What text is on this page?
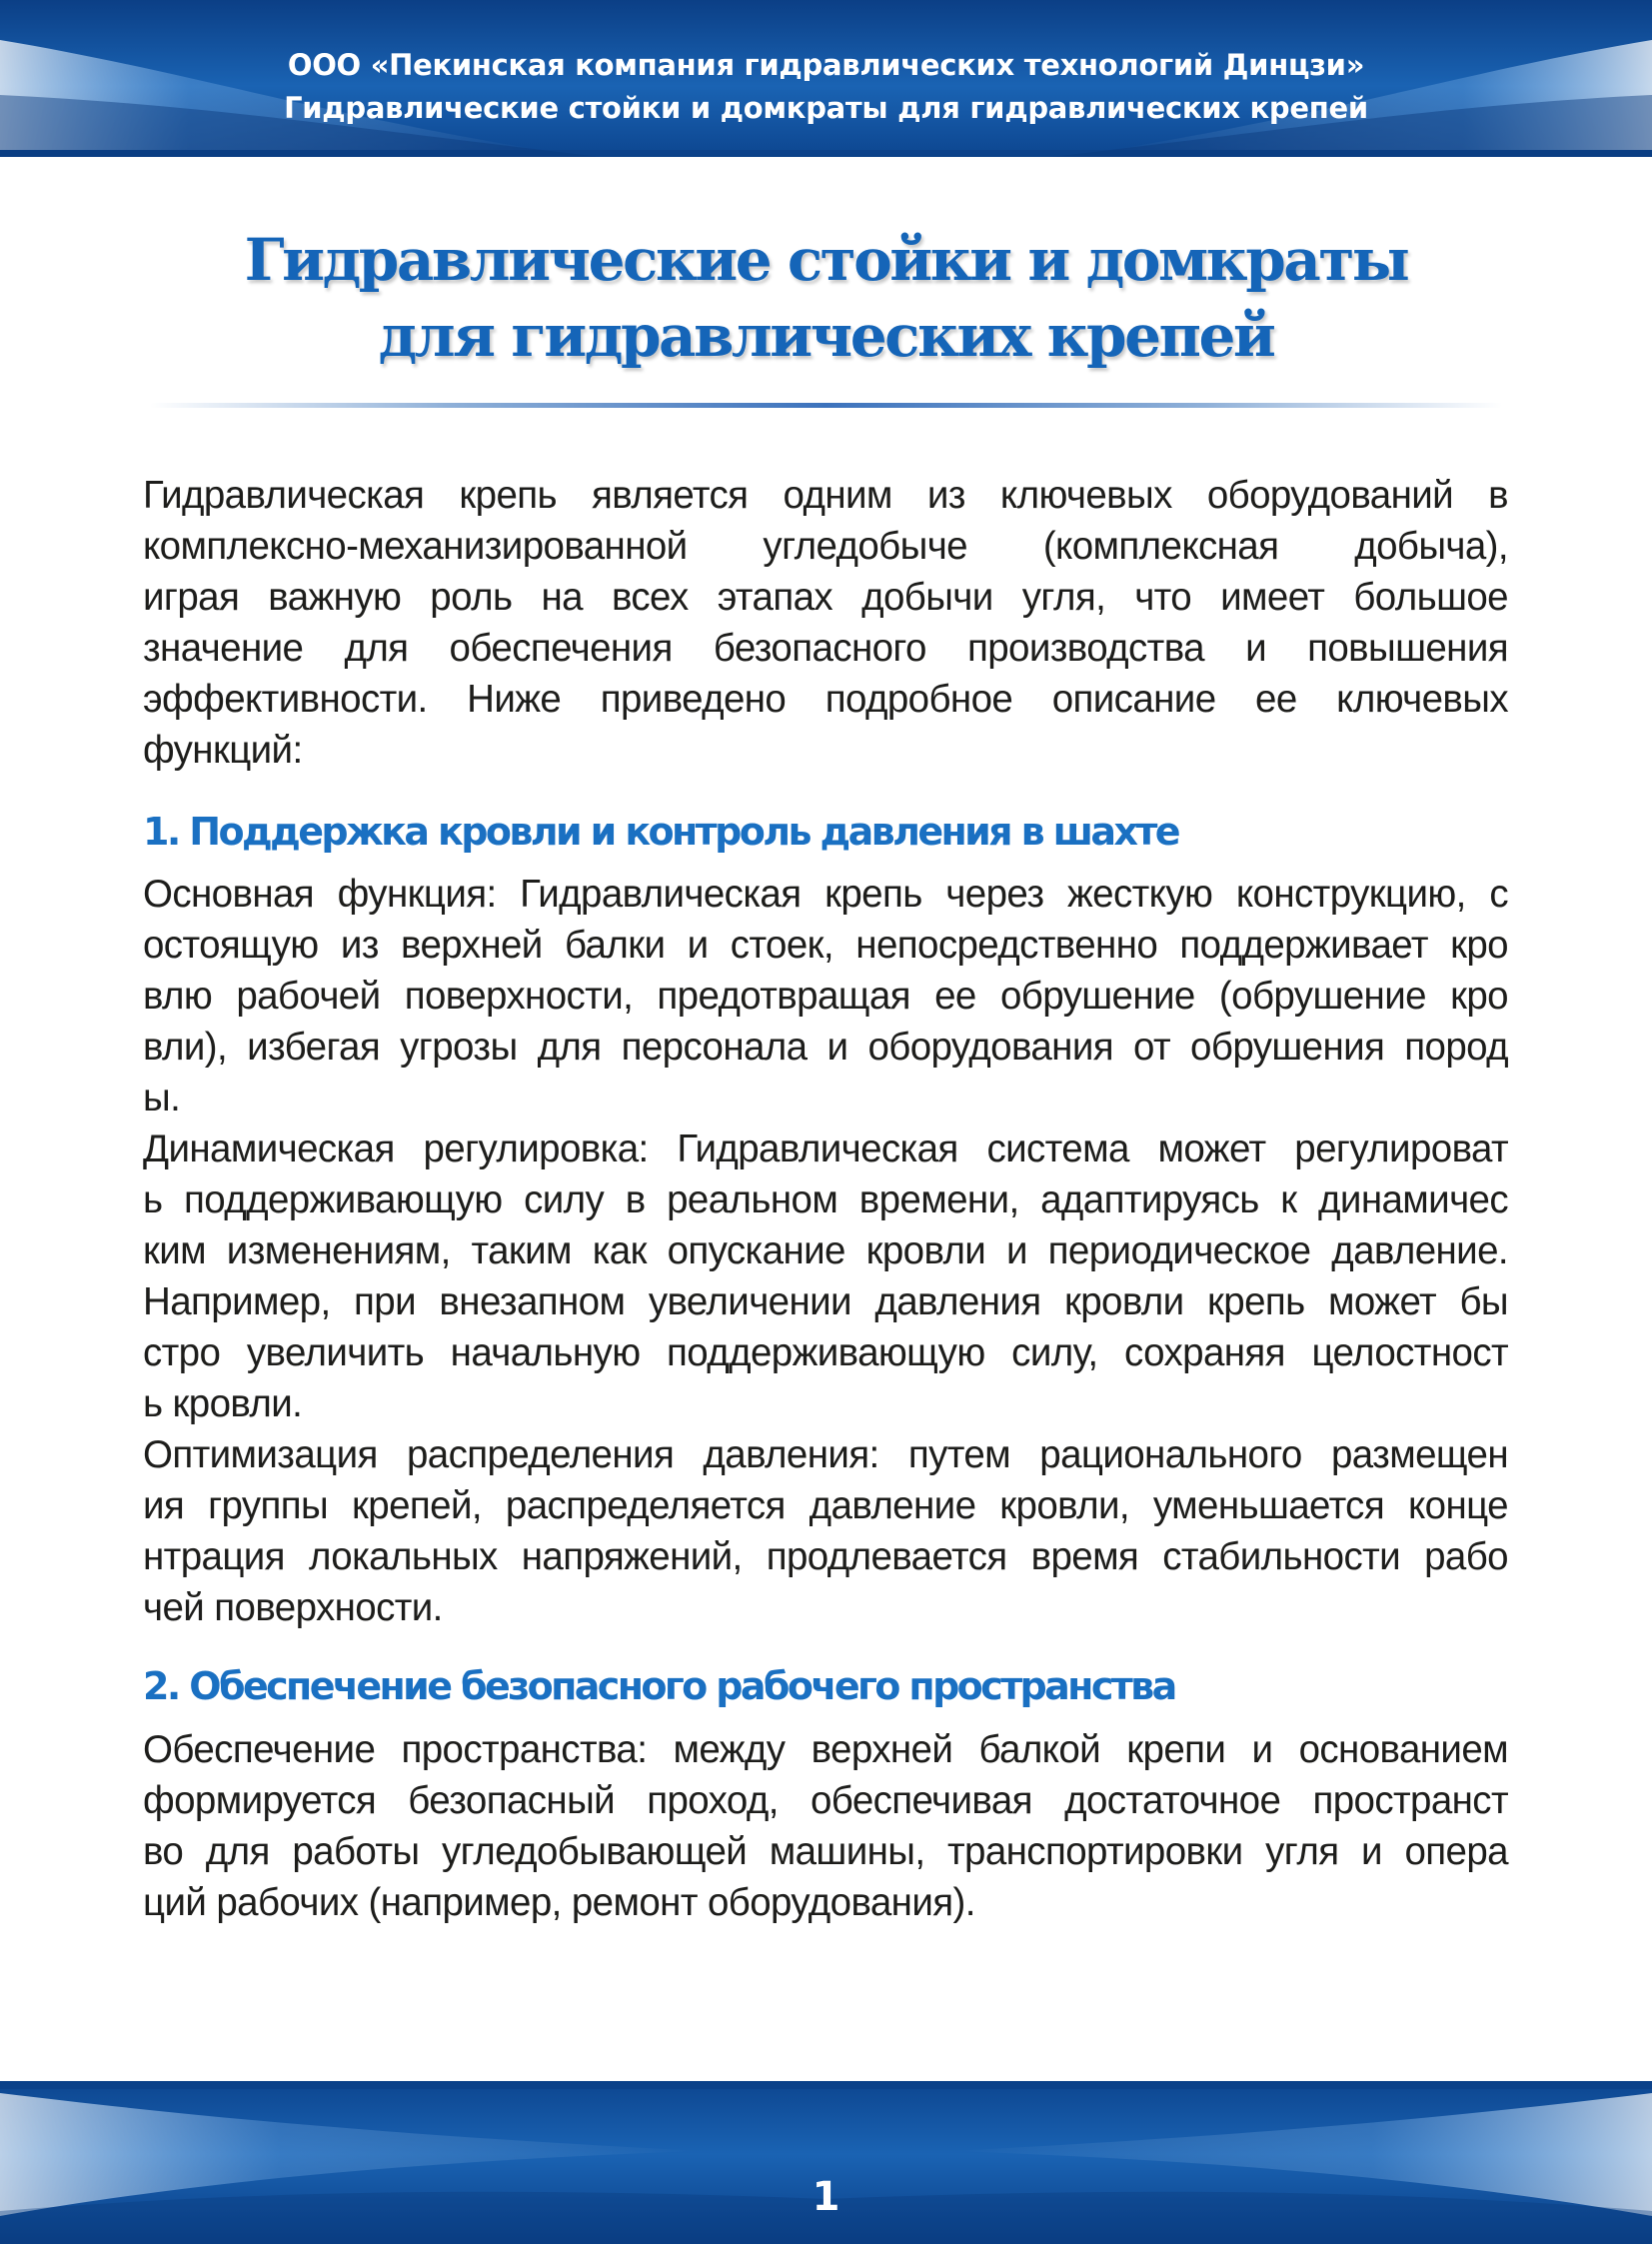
ООО «Пекинская компания гидравлических технологий Динцзи»
Гидравлические стойки и домкраты для гидравлических крепей
Гидравлические стойки и домкраты
для гидравлических крепей
Гидравлическая крепь является одним из ключевых оборудований в
комплексно-механизированной угледобыче (комплексная добыча),
играя важную роль на всех этапах добычи угля, что имеет большое
значение для обеспечения безопасного производства и повышения
эффективности. Ниже приведено подробное описание ее ключевых
функций:
1. Поддержка кровли и контроль давления в шахте
Основная функция: Гидравлическая крепь через жесткую конструкцию, с
остоящую из верхней балки и стоек, непосредственно поддерживает кро
влю рабочей поверхности, предотвращая ее обрушение (обрушение кро
вли), избегая угрозы для персонала и оборудования от обрушения пород
ы.
Динамическая регулировка: Гидравлическая система может регулироват
ь поддерживающую силу в реальном времени, адаптируясь к динамичес
ким изменениям, таким как опускание кровли и периодическое давление.
Например, при внезапном увеличении давления кровли крепь может бы
стро увеличить начальную поддерживающую силу, сохраняя целостност
ь кровли.
Оптимизация распределения давления: путем рационального размещен
ия группы крепей, распределяется давление кровли, уменьшается конце
нтрация локальных напряжений, продлевается время стабильности рабо
чей поверхности.
2. Обеспечение безопасного рабочего пространства
Обеспечение пространства: между верхней балкой крепи и основанием
формируется безопасный проход, обеспечивая достаточное пространст
во для работы угледобывающей машины, транспортировки угля и опера
ций рабочих (например, ремонт оборудования).
1
